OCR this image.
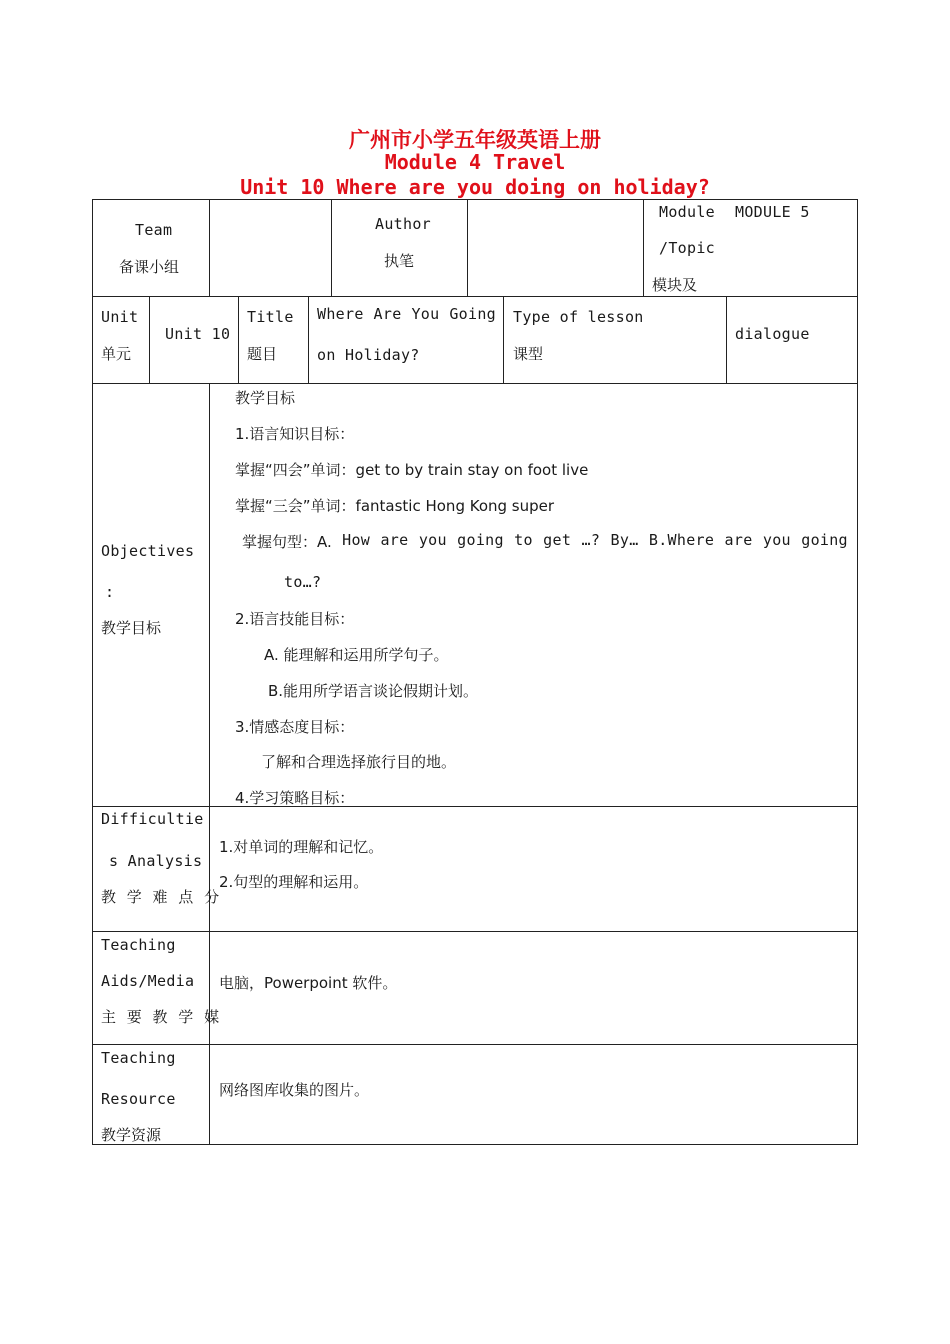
广州市小学五年级英语上册
Module 4 Travel
Unit 10 Where are you doing on holiday?
Team
备课小组
Author
执笔
Module
/Topic
模块及
MODULE 5
Unit
单元
Unit 10
Title
题目
Where Are You Going
on Holiday?
Type of lesson
课型
dialogue
Objectives
:
教学目标
教学目标
1.语言知识目标：
掌握“四会”单词：get to by train stay on foot live
掌握“三会”单词：fantastic Hong Kong super
掌握句型：A. How are you going to get …? By… B.Where are you going
to…?
2.语言技能目标：
A. 能理解和运用所学句子。
B.能用所学语言谈论假期计划。
3.情感态度目标：
了解和合理选择旅行目的地。
4.学习策略目标：
Difficultie
s Analysis
教 学 难 点 分
1.对单词的理解和记忆。
2.句型的理解和运用。
Teaching
Aids/Media
主 要 教 学 媒
电脑，Powerpoint 软件。
Teaching
Resource
教学资源
网络图库收集的图片。
